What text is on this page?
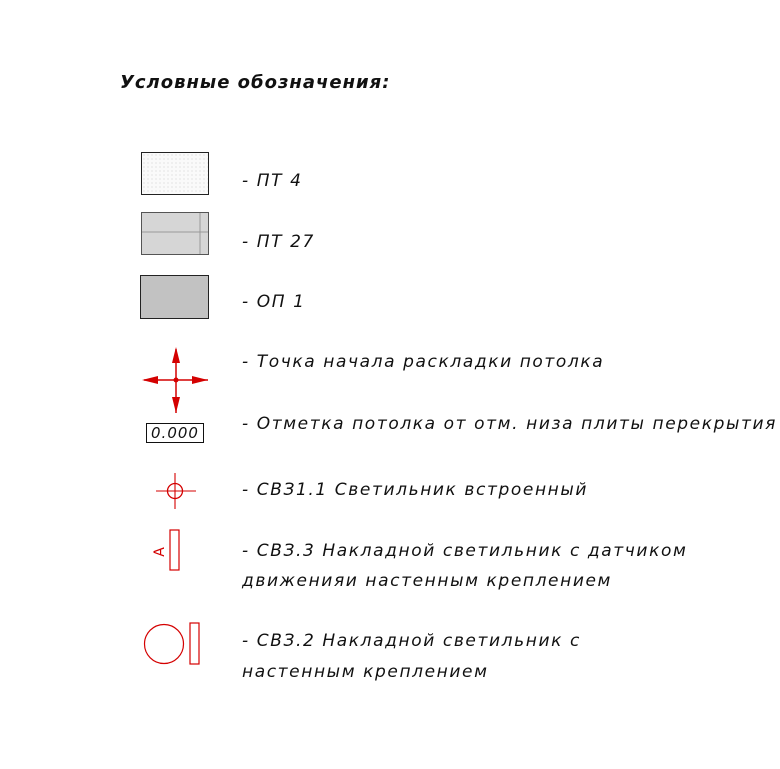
Условные обозначения:
- ПТ 4
- ПТ 27
- ОП 1
- Точка начала раскладки потолка
0.000	- Отметка потолка от отм. низа плиты перекрытия
- СВЗ1.1 Светильник встроенный
A	- СВЗ.3 Накладной светильник с датчиком
движенияи настенным креплением
- СВЗ.2 Накладной светильник с
настенным креплением
